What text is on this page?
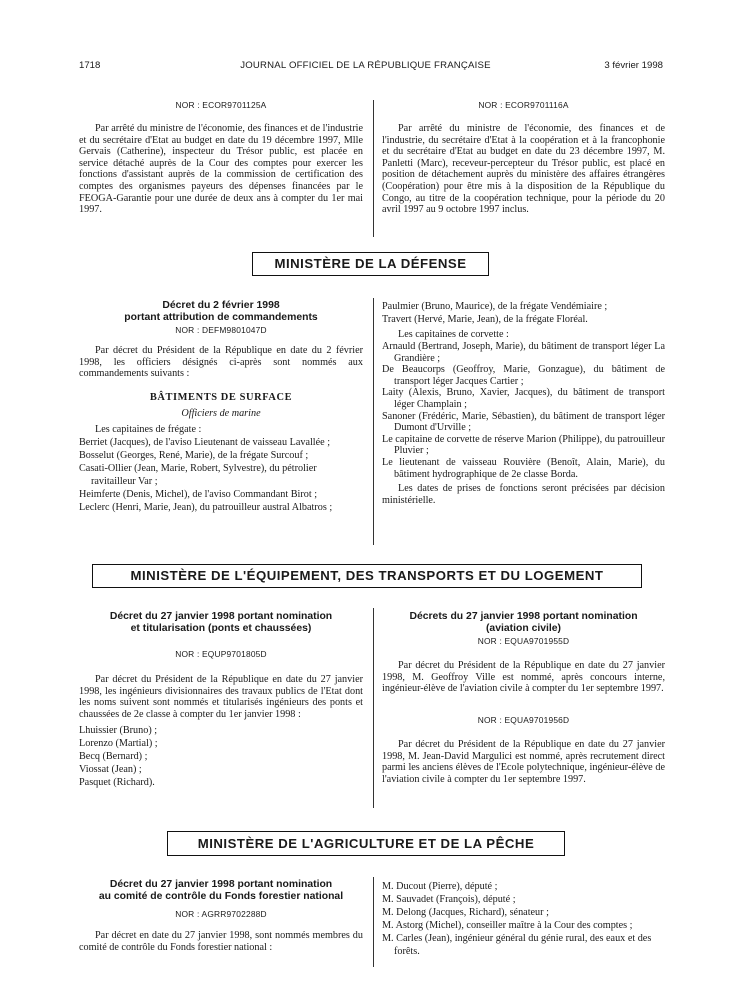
1718	JOURNAL OFFICIEL DE LA RÉPUBLIQUE FRANÇAISE	3 février 1998
NOR : ECOR9701125A

Par arrêté du ministre de l'économie, des finances et de l'industrie et du secrétaire d'Etat au budget en date du 19 décembre 1997, Mlle Gervais (Catherine), inspecteur du Trésor public, est placée en service détaché auprès de la Cour des comptes pour exercer les fonctions d'assistant auprès de la commission de certification des comptes des organismes payeurs des dépenses financées par le FEOGA-Garantie pour une durée de deux ans à compter du 1er mai 1997.

NOR : ECOR9701116A

Par arrêté du ministre de l'économie, des finances et de l'industrie, du secrétaire d'Etat à la coopération et à la francophonie et du secrétaire d'Etat au budget en date du 23 décembre 1997, M. Panletti (Marc), receveur-percepteur du Trésor public, est placé en position de détachement auprès du ministère des affaires étrangères (Coopération) pour être mis à la disposition de la République du Congo, au titre de la coopération technique, pour la période du 20 avril 1997 au 9 octobre 1997 inclus.

MINISTÈRE DE LA DÉFENSE
Décret du 2 février 1998
portant attribution de commandements
NOR : DEFM9801047D

Par décret du Président de la République en date du 2 février 1998, les officiers désignés ci-après sont nommés aux commandements suivants :

BÂTIMENTS DE SURFACE
Officiers de marine

Les capitaines de frégate :

Berriet (Jacques), de l'aviso Lieutenant de vaisseau Lavallée ;

Bosselut (Georges, René, Marie), de la frégate Surcouf ;

Casati-Ollier (Jean, Marie, Robert, Sylvestre), du pétrolier ravitailleur Var ;

Heimferte (Denis, Michel), de l'aviso Commandant Birot ;

Leclerc (Henri, Marie, Jean), du patrouilleur austral Albatros ;

Paulmier (Bruno, Maurice), de la frégate Vendémiaire ;

Travert (Hervé, Marie, Jean), de la frégate Floréal.

Les capitaines de corvette :

Arnauld (Bertrand, Joseph, Marie), du bâtiment de transport léger La Grandière ;

De Beaucorps (Geoffroy, Marie, Gonzague), du bâtiment de transport léger Jacques Cartier ;

Laity (Alexis, Bruno, Xavier, Jacques), du bâtiment de transport léger Champlain ;

Sanoner (Frédéric, Marie, Sébastien), du bâtiment de transport léger Dumont d'Urville ;

Le capitaine de corvette de réserve Marion (Philippe), du patrouilleur Pluvier ;

Le lieutenant de vaisseau Rouvière (Benoît, Alain, Marie), du bâtiment hydrographique de 2e classe Borda.

Les dates de prises de fonctions seront précisées par décision ministérielle.

MINISTÈRE DE L'ÉQUIPEMENT, DES TRANSPORTS ET DU LOGEMENT
Décret du 27 janvier 1998 portant nomination
et titularisation (ponts et chaussées)
NOR : EQUP9701805D

Par décret du Président de la République en date du 27 janvier 1998, les ingénieurs divisionnaires des travaux publics de l'Etat dont les noms suivent sont nommés et titularisés ingénieurs des ponts et chaussées de 2e classe à compter du 1er janvier 1998 :

Lhuissier (Bruno) ;

Lorenzo (Martial) ;

Becq (Bernard) ;

Viossat (Jean) ;

Pasquet (Richard).

Décrets du 27 janvier 1998 portant nomination
(aviation civile)
NOR : EQUA9701955D

Par décret du Président de la République en date du 27 janvier 1998, M. Geoffroy Ville est nommé, après concours interne, ingénieur-élève de l'aviation civile à compter du 1er septembre 1997.

NOR : EQUA9701956D

Par décret du Président de la République en date du 27 janvier 1998, M. Jean-David Margulici est nommé, après recrutement direct parmi les anciens élèves de l'Ecole polytechnique, ingénieur-élève de l'aviation civile à compter du 1er septembre 1997.

MINISTÈRE DE L'AGRICULTURE ET DE LA PÊCHE
Décret du 27 janvier 1998 portant nomination
au comité de contrôle du Fonds forestier national
NOR : AGRR9702288D

Par décret en date du 27 janvier 1998, sont nommés membres du comité de contrôle du Fonds forestier national :

M. Ducout (Pierre), député ;

M. Sauvadet (François), député ;

M. Delong (Jacques, Richard), sénateur ;

M. Astorg (Michel), conseiller maître à la Cour des comptes ;

M. Carles (Jean), ingénieur général du génie rural, des eaux et des forêts.
